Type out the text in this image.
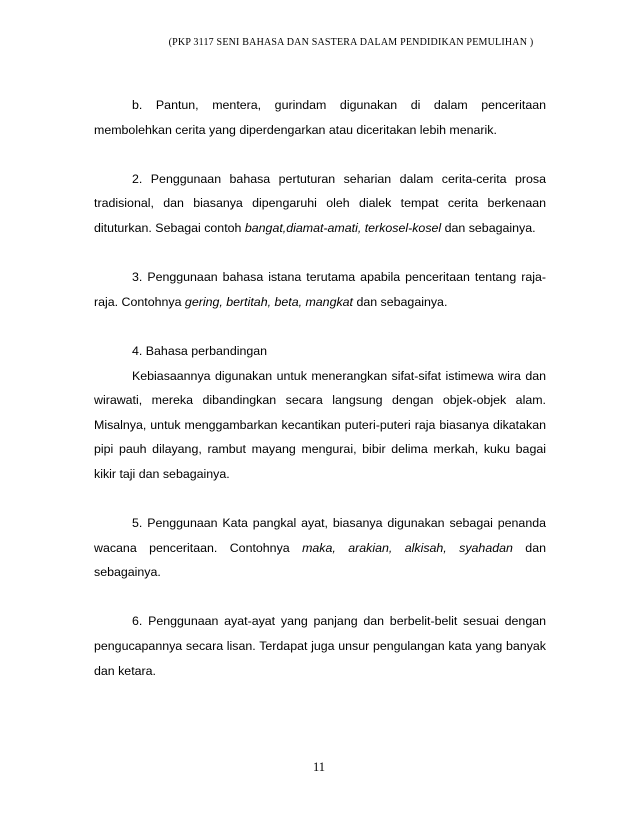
(PKP 3117 SENI BAHASA DAN SASTERA DALAM PENDIDIKAN PEMULIHAN )

b. Pantun, mentera, gurindam digunakan di dalam penceritaan membolehkan cerita yang diperdengarkan atau diceritakan lebih menarik.

2. Penggunaan bahasa pertuturan seharian dalam cerita-cerita prosa tradisional, dan biasanya dipengaruhi oleh dialek tempat cerita berkenaan dituturkan. Sebagai contoh bangat,diamat-amati, terkosel-kosel dan sebagainya.

3. Penggunaan bahasa istana terutama apabila penceritaan tentang raja-raja. Contohnya gering, bertitah, beta, mangkat dan sebagainya.

4. Bahasa perbandingan

Kebiasaannya digunakan untuk menerangkan sifat-sifat istimewa wira dan wirawati, mereka dibandingkan secara langsung dengan objek-objek alam. Misalnya, untuk menggambarkan kecantikan puteri-puteri raja biasanya dikatakan pipi pauh dilayang, rambut mayang mengurai, bibir delima merkah, kuku bagai kikir taji dan sebagainya.

5. Penggunaan Kata pangkal ayat, biasanya digunakan sebagai penanda wacana penceritaan. Contohnya maka, arakian, alkisah, syahadan dan sebagainya.

6. Penggunaan ayat-ayat yang panjang dan berbelit-belit sesuai dengan pengucapannya secara lisan. Terdapat juga unsur pengulangan kata yang banyak dan ketara.

11
